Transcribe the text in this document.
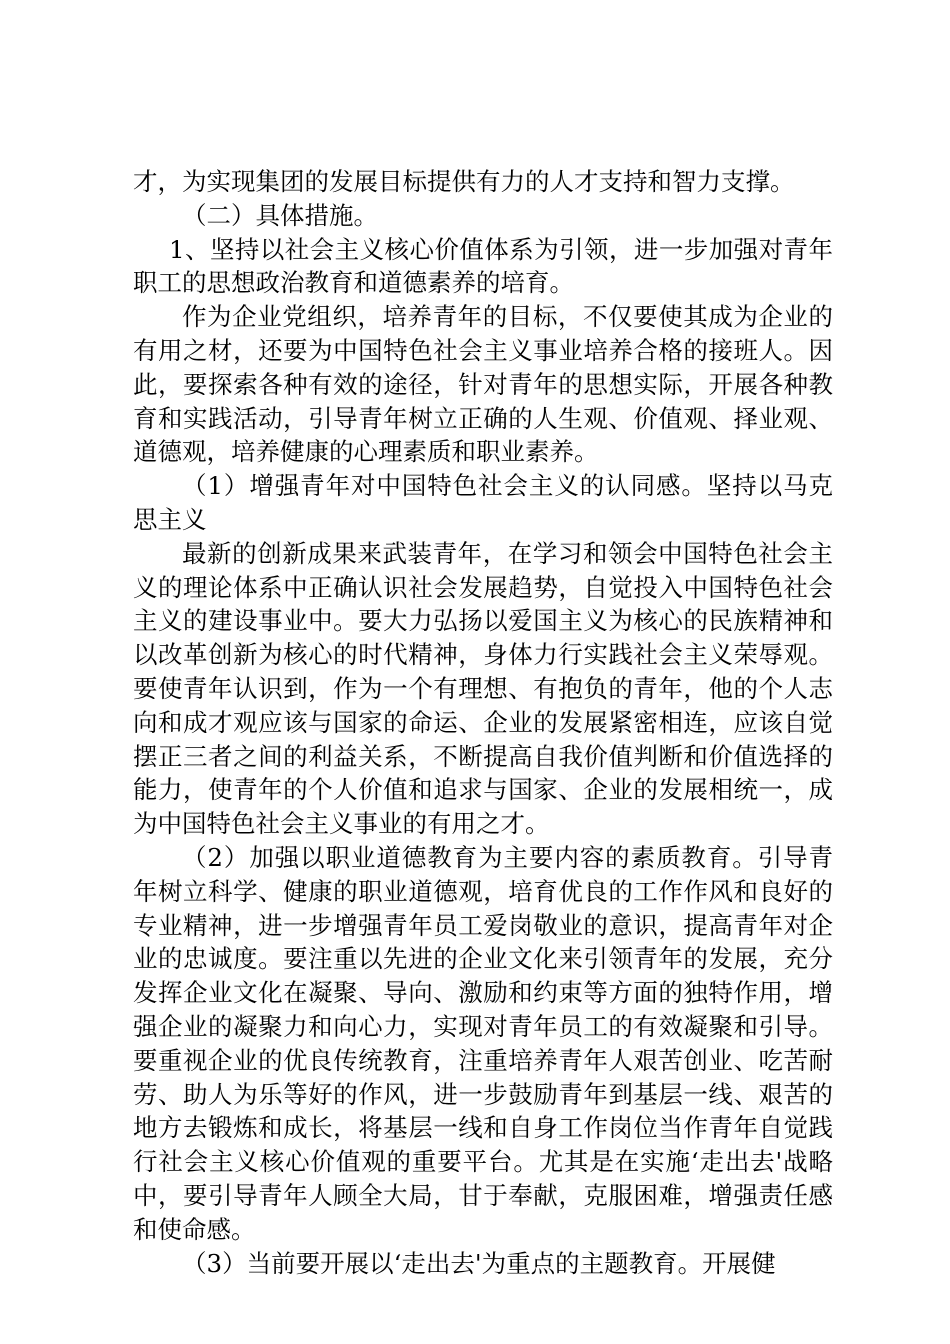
才，为实现集团的发展目标提供有力的人才支持和智力支撑。

（二）具体措施。

1、坚持以社会主义核心价值体系为引领，进一步加强对青年职工的思想政治教育和道德素养的培育。

作为企业党组织，培养青年的目标，不仅要使其成为企业的有用之材，还要为中国特色社会主义事业培养合格的接班人。因此，要探索各种有效的途径，针对青年的思想实际，开展各种教育和实践活动，引导青年树立正确的人生观、价值观、择业观、道德观，培养健康的心理素质和职业素养。

（1）增强青年对中国特色社会主义的认同感。坚持以马克思主义

最新的创新成果来武装青年，在学习和领会中国特色社会主义的理论体系中正确认识社会发展趋势，自觉投入中国特色社会主义的建设事业中。要大力弘扬以爱国主义为核心的民族精神和以改革创新为核心的时代精神，身体力行实践社会主义荣辱观。要使青年认识到，作为一个有理想、有抱负的青年，他的个人志向和成才观应该与国家的命运、企业的发展紧密相连，应该自觉摆正三者之间的利益关系，不断提高自我价值判断和价值选择的能力，使青年的个人价值和追求与国家、企业的发展相统一，成为中国特色社会主义事业的有用之才。

（2）加强以职业道德教育为主要内容的素质教育。引导青年树立科学、健康的职业道德观，培育优良的工作作风和良好的专业精神，进一步增强青年员工爱岗敬业的意识，提高青年对企业的忠诚度。要注重以先进的企业文化来引领青年的发展，充分发挥企业文化在凝聚、导向、激励和约束等方面的独特作用，增强企业的凝聚力和向心力，实现对青年员工的有效凝聚和引导。要重视企业的优良传统教育，注重培养青年人艰苦创业、吃苦耐劳、助人为乐等好的作风，进一步鼓励青年到基层一线、艰苦的地方去锻炼和成长，将基层一线和自身工作岗位当作青年自觉践行社会主义核心价值观的重要平台。尤其是在实施‘走出去'战略中，要引导青年人顾全大局，甘于奉献，克服困难，增强责任感和使命感。

（3）当前要开展以‘走出去'为重点的主题教育。开展健
